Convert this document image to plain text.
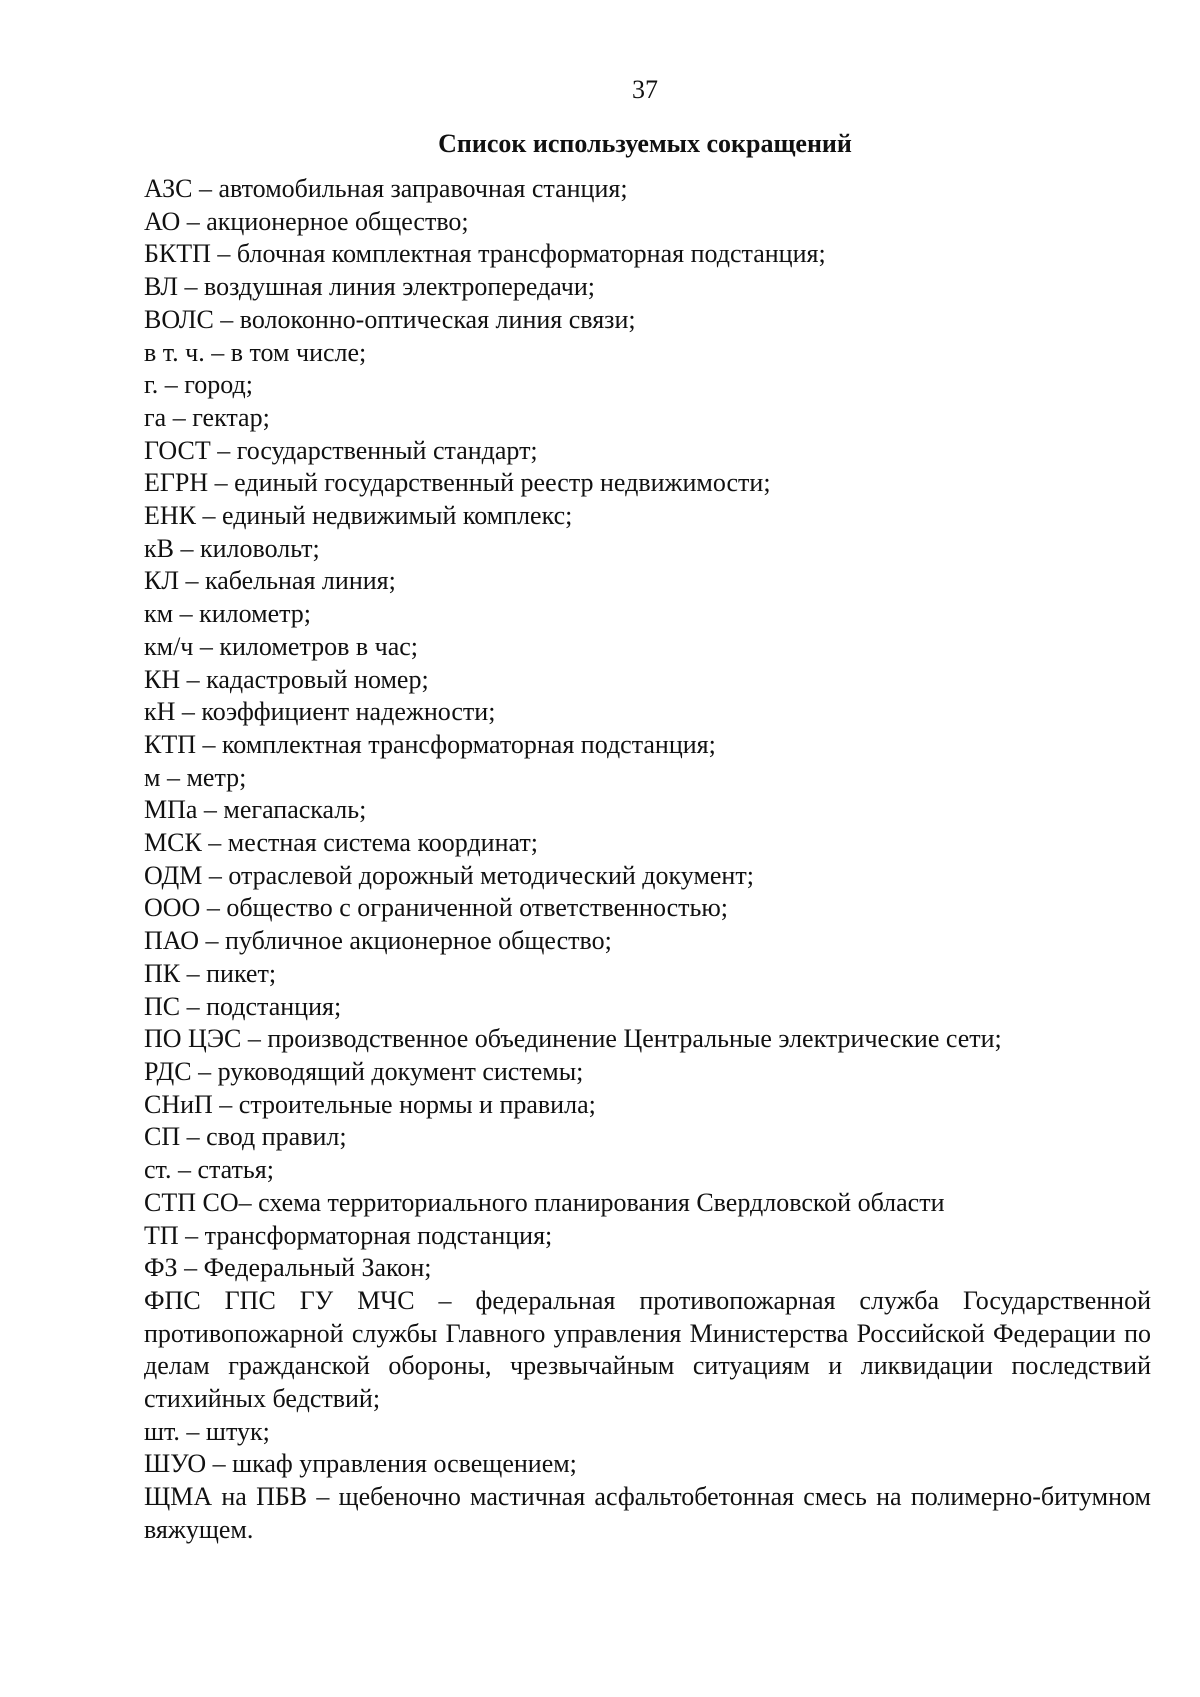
37
Список используемых сокращений
АЗС – автомобильная заправочная станция;
АО – акционерное общество;
БКТП – блочная комплектная трансформаторная подстанция;
ВЛ – воздушная линия электропередачи;
ВОЛС – волоконно-оптическая линия связи;
в т. ч. – в том числе;
г. – город;
га – гектар;
ГОСТ – государственный стандарт;
ЕГРН – единый государственный реестр недвижимости;
ЕНК – единый недвижимый комплекс;
кВ – киловольт;
КЛ – кабельная линия;
км – километр;
км/ч – километров в час;
КН – кадастровый номер;
кН – коэффициент надежности;
КТП – комплектная трансформаторная подстанция;
м – метр;
МПа – мегапаскаль;
МСК – местная система координат;
ОДМ – отраслевой дорожный методический документ;
ООО – общество с ограниченной ответственностью;
ПАО – публичное акционерное общество;
ПК – пикет;
ПС – подстанция;
ПО ЦЭС – производственное объединение Центральные электрические сети;
РДС – руководящий документ системы;
СНиП – строительные нормы и правила;
СП – свод правил;
ст. – статья;
СТП СО– схема территориального планирования Свердловской области
ТП – трансформаторная подстанция;
ФЗ – Федеральный Закон;
ФПС ГПС ГУ МЧС – федеральная противопожарная служба Государственной противопожарной службы Главного управления Министерства Российской Федерации по делам гражданской обороны, чрезвычайным ситуациям и ликвидации последствий стихийных бедствий;
шт. – штук;
ШУО – шкаф управления освещением;
ЩМА на ПБВ – щебеночно мастичная асфальтобетонная смесь на полимерно-битумном вяжущем.
